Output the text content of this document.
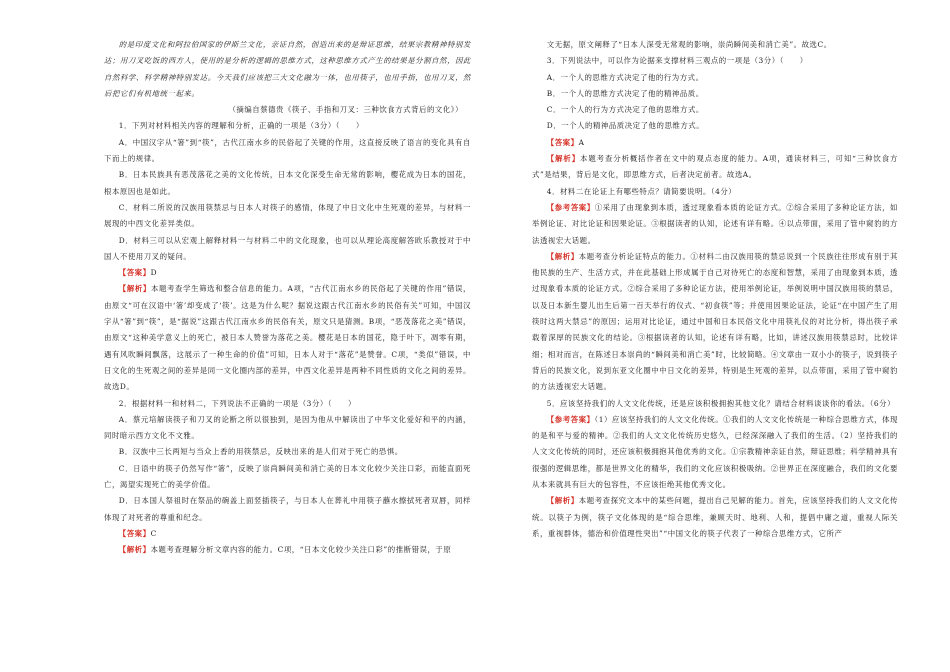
的是印度文化和阿拉伯国家的伊斯兰文化，亲证自然，创造出来的是辩证思维，结果宗教精神特别发达；用刀叉吃饭的西方人，使用的是分析的逻辑的思维方式，这种思维方式产生的结果是分割自然，因此自然科学、科学精神特别发达。今天我们应该把三大文化融为一体，也用筷子，也用手指，也用刀叉，然后把它们有机地统一起来。

（摘编自蔡德贵《筷子、手指和刀叉：三种饮食方式背后的文化》）

1．下列对材料相关内容的理解和分析，正确的一项是（3分）（　　）

A．中国汉字从“箸”到“筷”，古代江南水乡的民俗起了关键的作用，这直接反映了语言的变化具有自下而上的规律。

B．日本民族具有恶茂落花之美的文化传统，日本文化深受生命无常的影响，樱花成为日本的国花，根本原因也是如此。

C．材料二所说的汉族用筷禁忌与日本人对筷子的感情，体现了中日文化中生死观的差异，与材料一展现的中西文化差异类似。

D．材料三可以从宏观上解释材料一与材料二中的文化现象，也可以从理论高度解答欧乐教授对于中国人不使用刀叉的疑问。

【答案】D

【解析】本题考查学生筛选和整合信息的能力。A项，“古代江南水乡的民俗起了关键的作用”错误，由原文“可在汉语中‘箸’却变成了‘筷’。这是为什么呢？据说这跟古代江南水乡的民俗有关”可知，中国汉字从“箸”到“筷”，是“据说”这跟古代江南水乡的民俗有关，原文只是猜测。B项，“恶茂落花之美”错误，由原文“这种美学意义上的死亡，被日本人赞誉为落花之美。樱花是日本的国花，隐于叶下，凋零有期，遇有风吹瞬间飘落，这展示了一种生命的价值”可知，日本人对于“落花”是赞誉。C项，“类似”错误，中日文化的生死观之间的差异是同一文化圈内部的差异，中西文化差异是两种不同性质的文化之间的差异。故选D。

2．根据材料一和材料二，下列说法不正确的一项是（3分）（　　）

A．蔡元培解读筷子和刀叉的论断之所以很独到，是因为他从中解读出了中华文化爱好和平的内涵，同时暗示西方文化不文雅。

B．汉族中三长两短与当众上香的用筷禁忌，反映出来的是人们对于死亡的恐惧。

C．日语中的筷子仍然写作“箸”，反映了崇尚瞬间美和消亡美的日本文化较少关注口彩，而能直面死亡，渴望实现死亡的美学价值。

D．日本国人祭祖时在祭品的碗盖上面竖插筷子，与日本人在葬礼中用筷子蘸水擦拭死者双唇，同样体现了对死者的尊重和纪念。

【答案】C

【解析】本题考查理解分析文章内容的能力。C项，“日本文化较少关注口彩”的推断错误，于原

文无据，原文阐释了“日本人深受无常观的影响，崇尚瞬间美和消亡美”。故选C。

3．下列说法中，可以作为论据来支撑材料三观点的一项是（3分）（　　）

A．一个人的思维方式决定了他的行为方式。

B．一个人的思维方式决定了他的精神品质。

C．一个人的行为方式决定了他的思维方式。

D．一个人的精神品质决定了他的思维方式。

【答案】A

【解析】本题考查分析概括作者在文中的观点态度的能力。A项，通读材料三，可知“三种饮食方式”是结果，背后是文化，即思维方式，后者决定前者。故选A。

4．材料二在论证上有哪些特点？请简要说明。（4分）

【参考答案】①采用了由现象到本质，透过现象看本质的论证方式。②综合采用了多种论证方法，如举例论证、对比论证和因果论证。③根据读者的认知，论述有详有略。④以点带面，采用了管中窥豹的方法透视宏大话题。

【解析】本题考查分析论证特点的能力。①材料二由汉族用筷的禁忌说到一个民族往往形成有别于其他民族的生产、生活方式，并在此基础上形成属于自己对待死亡的态度和智慧，采用了由现象到本质，透过现象看本质的论证方式。②综合采用了多种论证方法，使用举例论证，举例说明中国汉族用筷的禁忌，以及日本新生婴儿出生后第一百天举行的仪式、“初食筷”等；并使用因果论证法，论证“在中国产生了用筷时这两大禁忌”的原因；运用对比论证，通过中国和日本民俗文化中用筷礼仪的对比分析，得出筷子承载着深厚的民族文化的结论。③根据读者的认知，论述有详有略，比如，讲述汉族用筷禁忌时，比较详细；相对而言，在陈述日本崇尚的“瞬间美和消亡美”时，比较简略。④文章由一双小小的筷子，说到筷子背后的民族文化，说到东亚文化圈中中日文化的差异，特别是生死观的差异，以点带面，采用了管中窥豹的方法透视宏大话题。

5．应该坚持我们的人文文化传统，还是应该积极拥抱其他文化？请结合材料谈谈你的看法。（6分）

【参考答案】（1）应该坚持我们的人文文化传统。①我们的人文文化传统是一种综合思维方式，体现的是和平与爱的精神。②我们的人文文化传统历史悠久，已经深深融入了我们的生活。（2）坚持我们的人文文化传统的同时，还应该积极拥抱其他优秀的文化。①宗教精神亲证自然，辩证思维；科学精神具有很强的逻辑思维，都是世界文化的精华，我们的文化应该积极吸纳。②世界正在深度融合，我们的文化要从本来就具有巨大的包容性，不应该拒绝其他优秀文化。

【解析】本题考查探究文本中的某些问题，提出自己见解的能力。首先，应该坚持我们的人文文化传统。以筷子为例，筷子文化体现的是“综合思维，兼顾天时、地利、人和，提倡中庸之道，重视人际关系，重视群体，德治和价值理性突出”“中国文化的筷子代表了一种综合思维方式，它所产
